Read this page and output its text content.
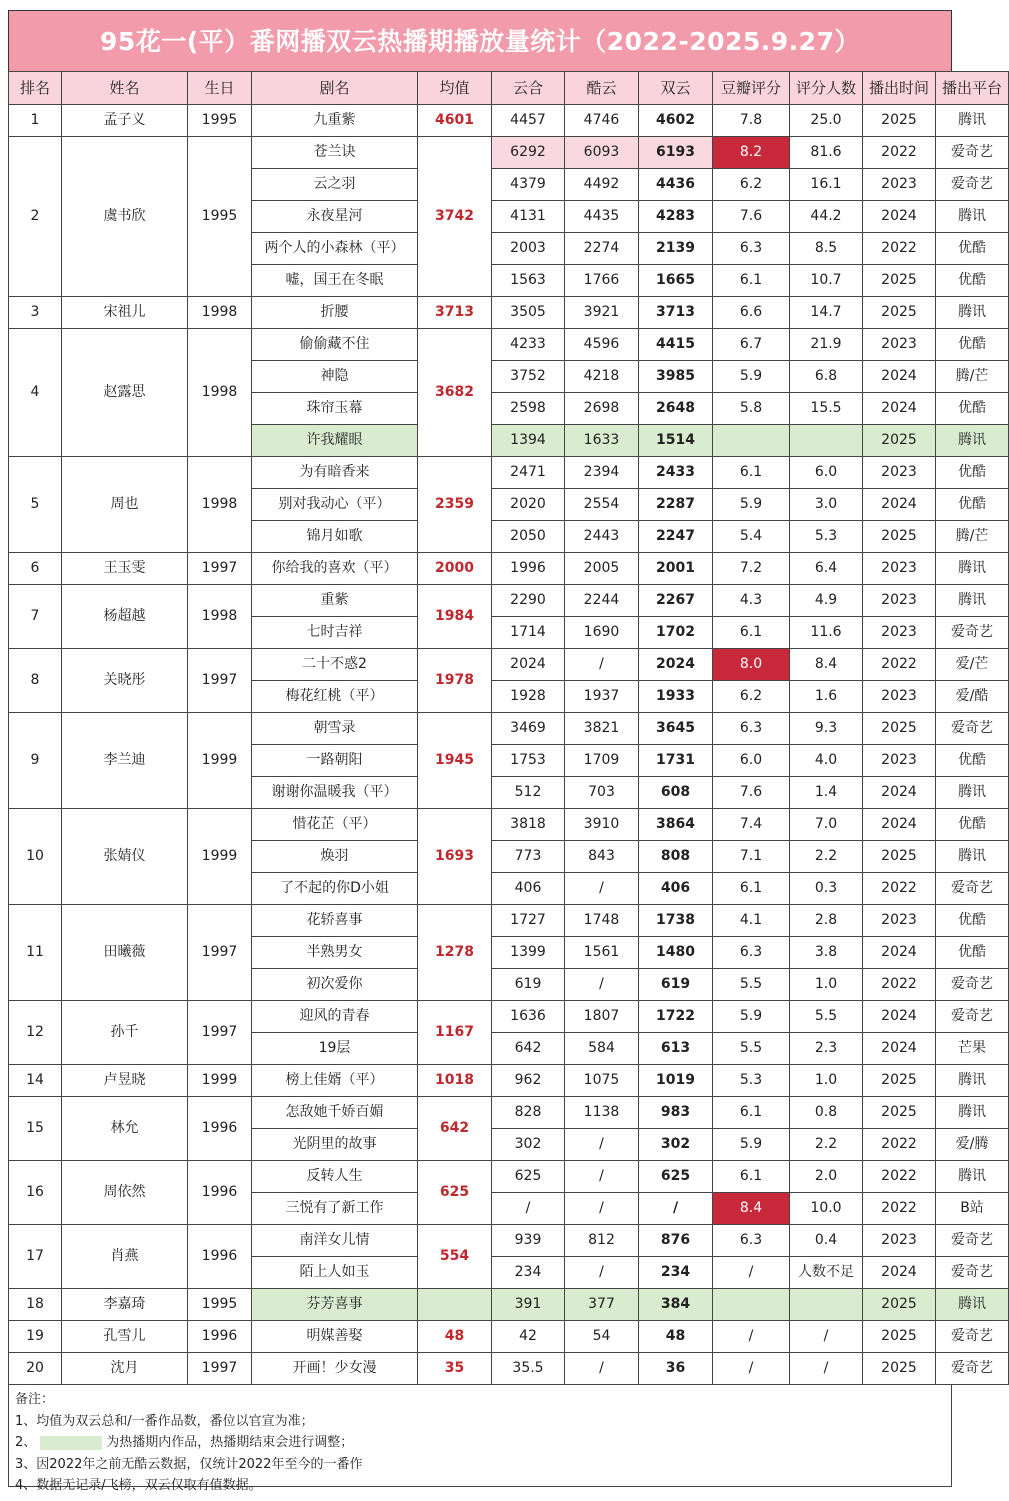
95花一(平）番网播双云热播期播放量统计（2022-2025.9.27）
排名	姓名	生日	剧名	均值	云合	酷云	双云	豆瓣评分	评分人数	播出时间	播出平台
1	孟子义	1995	九重紫	4601	4457	4746	4602	7.8	25.0	2025	腾讯
2	虞书欣	1995	苍兰诀	3742	6292	6093	6193	8.2	81.6	2022	爱奇艺
			云之羽		4379	4492	4436	6.2	16.1	2023	爱奇艺
			永夜星河		4131	4435	4283	7.6	44.2	2024	腾讯
			两个人的小森林（平）		2003	2274	2139	6.3	8.5	2022	优酷
			嘘，国王在冬眠		1563	1766	1665	6.1	10.7	2025	优酷
3	宋祖儿	1998	折腰	3713	3505	3921	3713	6.6	14.7	2025	腾讯
4	赵露思	1998	偷偷藏不住	3682	4233	4596	4415	6.7	21.9	2023	优酷
			神隐		3752	4218	3985	5.9	6.8	2024	腾/芒
			珠帘玉幕		2598	2698	2648	5.8	15.5	2024	优酷
			许我耀眼		1394	1633	1514			2025	腾讯
5	周也	1998	为有暗香来	2359	2471	2394	2433	6.1	6.0	2023	优酷
			别对我动心（平）		2020	2554	2287	5.9	3.0	2024	优酷
			锦月如歌		2050	2443	2247	5.4	5.3	2025	腾/芒
6	王玉雯	1997	你给我的喜欢（平）	2000	1996	2005	2001	7.2	6.4	2023	腾讯
7	杨超越	1998	重紫	1984	2290	2244	2267	4.3	4.9	2023	腾讯
			七时吉祥		1714	1690	1702	6.1	11.6	2023	爱奇艺
8	关晓彤	1997	二十不惑2	1978	2024	/	2024	8.0	8.4	2022	爱/芒
			梅花红桃（平）		1928	1937	1933	6.2	1.6	2023	爱/酷
9	李兰迪	1999	朝雪录	1945	3469	3821	3645	6.3	9.3	2025	爱奇艺
			一路朝阳		1753	1709	1731	6.0	4.0	2023	优酷
			谢谢你温暖我（平）		512	703	608	7.6	1.4	2024	腾讯
10	张婧仪	1999	惜花芷（平）	1693	3818	3910	3864	7.4	7.0	2024	优酷
			焕羽		773	843	808	7.1	2.2	2025	腾讯
			了不起的你D小姐		406	/	406	6.1	0.3	2022	爱奇艺
11	田曦薇	1997	花轿喜事	1278	1727	1748	1738	4.1	2.8	2023	优酷
			半熟男女		1399	1561	1480	6.3	3.8	2024	优酷
			初次爱你		619	/	619	5.5	1.0	2022	爱奇艺
12	孙千	1997	迎风的青春	1167	1636	1807	1722	5.9	5.5	2024	爱奇艺
			19层		642	584	613	5.5	2.3	2024	芒果
14	卢昱晓	1999	榜上佳婿（平）	1018	962	1075	1019	5.3	1.0	2025	腾讯
15	林允	1996	怎敌她千娇百媚	642	828	1138	983	6.1	0.8	2025	腾讯
			光阴里的故事		302	/	302	5.9	2.2	2022	爱/腾
16	周依然	1996	反转人生	625	625	/	625	6.1	2.0	2022	腾讯
			三悦有了新工作		/	/	/	8.4	10.0	2022	B站
17	肖燕	1996	南洋女儿情	554	939	812	876	6.3	0.4	2023	爱奇艺
			陌上人如玉		234	/	234	/	人数不足	2024	爱奇艺
18	李嘉琦	1995	芬芳喜事		391	377	384			2025	腾讯
19	孔雪儿	1996	明媒善娶	48	42	54	48	/	/	2025	爱奇艺
20	沈月	1997	开画！少女漫	35	35.5	/	36	/	/	2025	爱奇艺
备注：
1、均值为双云总和/一番作品数，番位以官宣为准；
2、	为热播期内作品，热播期结束会进行调整；
3、因2022年之前无酷云数据，仅统计2022年至今的一番作
4、数据无记录/飞榜，双云仅取有值数据。
